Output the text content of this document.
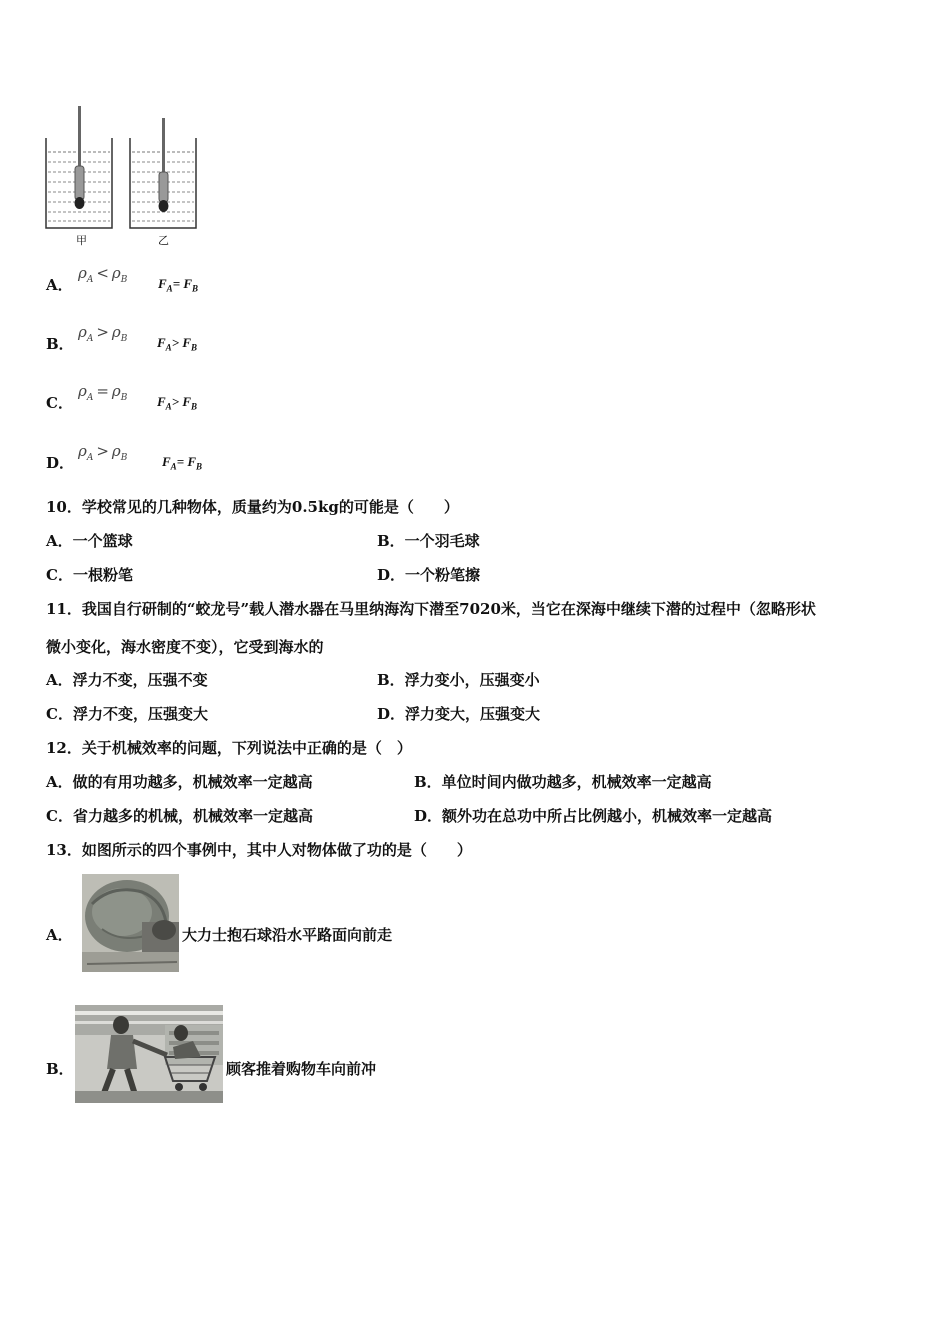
甲	乙
A．
$\rho_A < \rho_B$ $F_A= F_B$
B．
$\rho_A > \rho_B$ $F_A> F_B$
C．
$\rho_A = \rho_B$ $F_A> F_B$
D．
$\rho_A > \rho_B$	$F_A= F_B$
10．学校常见的几种物体，质量约为0.5kg的可能是（　　）
A．一个篮球	B．一个羽毛球
C．一根粉笔	D．一个粉笔擦
11．我国自行研制的“蛟龙号”载人潜水器在马里纳海沟下潜至7020米，当它在深海中继续下潜的过程中（忽略形状
微小变化，海水密度不变），它受到海水的
A．浮力不变，压强不变	B．浮力变小，压强变小
C．浮力不变，压强变大	D．浮力变大，压强变大
12．关于机械效率的问题，下列说法中正确的是（　）
A．做的有用功越多，机械效率一定越高	B．单位时间内做功越多，机械效率一定越高
C．省力越多的机械，机械效率一定越高	D．额外功在总功中所占比例越小，机械效率一定越高
13．如图所示的四个事例中，其中人对物体做了功的是（　　）
A．	大力士抱石球沿水平路面向前走
B．	顾客推着购物车向前冲
